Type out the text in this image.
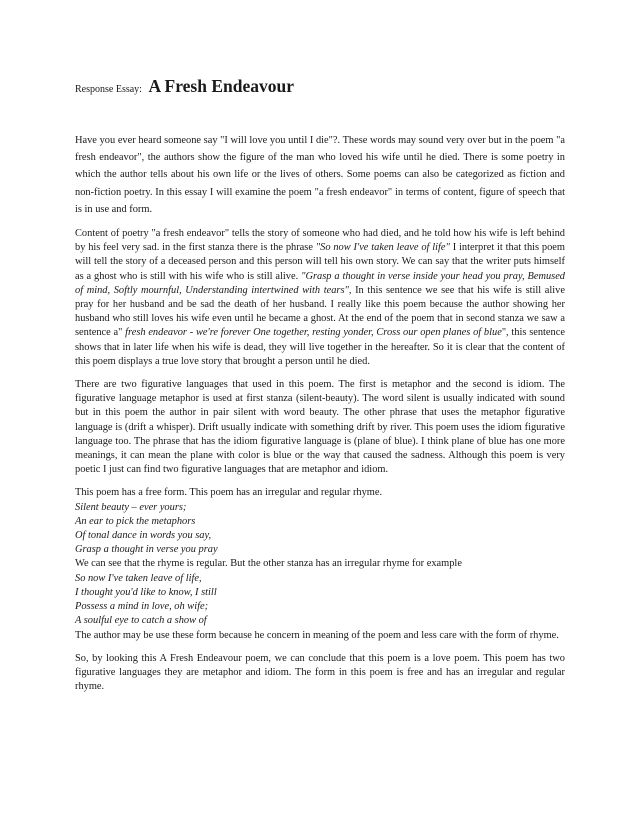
Response Essay: A Fresh Endeavour

Have you ever heard someone say "I will love you until I die"?. These words may sound very over but in the poem "a fresh endeavor", the authors show the figure of the man who loved his wife until he died. There is some poetry in which the author tells about his own life or the lives of others. Some poems can also be categorized as fiction and non-fiction poetry. In this essay I will examine the poem "a fresh endeavor" in terms of content, figure of speech that is in use and form.

Content of poetry "a fresh endeavor" tells the story of someone who had died, and he told how his wife is left behind by his feel very sad. in the first stanza there is the phrase "So now I've taken leave of life" I interpret it that this poem will tell the story of a deceased person and this person will tell his own story. We can say that the writer puts himself as a ghost who is still with his wife who is still alive. "Grasp a thought in verse inside your head you pray, Bemused of mind, Softly mournful, Understanding intertwined with tears", In this sentence we see that his wife is still alive pray for her husband and be sad the death of her husband. I really like this poem because the author showing her husband who still loves his wife even until he became a ghost. At the end of the poem that in second stanza we saw a sentence a" fresh endeavor - we're forever One together, resting yonder, Cross our open planes of blue", this sentence shows that in later life when his wife is dead, they will live together in the hereafter. So it is clear that the content of this poem displays a true love story that brought a person until he died.

There are two figurative languages that used in this poem. The first is metaphor and the second is idiom. The figurative language metaphor is used at first stanza (silent-beauty). The word silent is usually indicated with sound but in this poem the author in pair silent with word beauty. The other phrase that uses the metaphor figurative language is (drift a whisper). Drift usually indicate with something drift by river. This poem uses the idiom figurative language too. The phrase that has the idiom figurative language is (plane of blue). I think plane of blue has one more meanings, it can mean the plane with color is blue or the way that caused the sadness. Although this poem is very poetic I just can find two figurative languages that are metaphor and idiom.

This poem has a free form. This poem has an irregular and regular rhyme.
Silent beauty – ever yours;
An ear to pick the metaphors
Of tonal dance in words you say,
Grasp a thought in verse you pray
We can see that the rhyme is regular. But the other stanza has an irregular rhyme for example
So now I've taken leave of life,
I thought you'd like to know, I still
Possess a mind in love, oh wife;
A soulful eye to catch a show of
The author may be use these form because he concern in meaning of the poem and less care with the form of rhyme.

So, by looking this A Fresh Endeavour poem, we can conclude that this poem is a love poem. This poem has two figurative languages they are metaphor and idiom. The form in this poem is free and has an irregular and regular rhyme.
